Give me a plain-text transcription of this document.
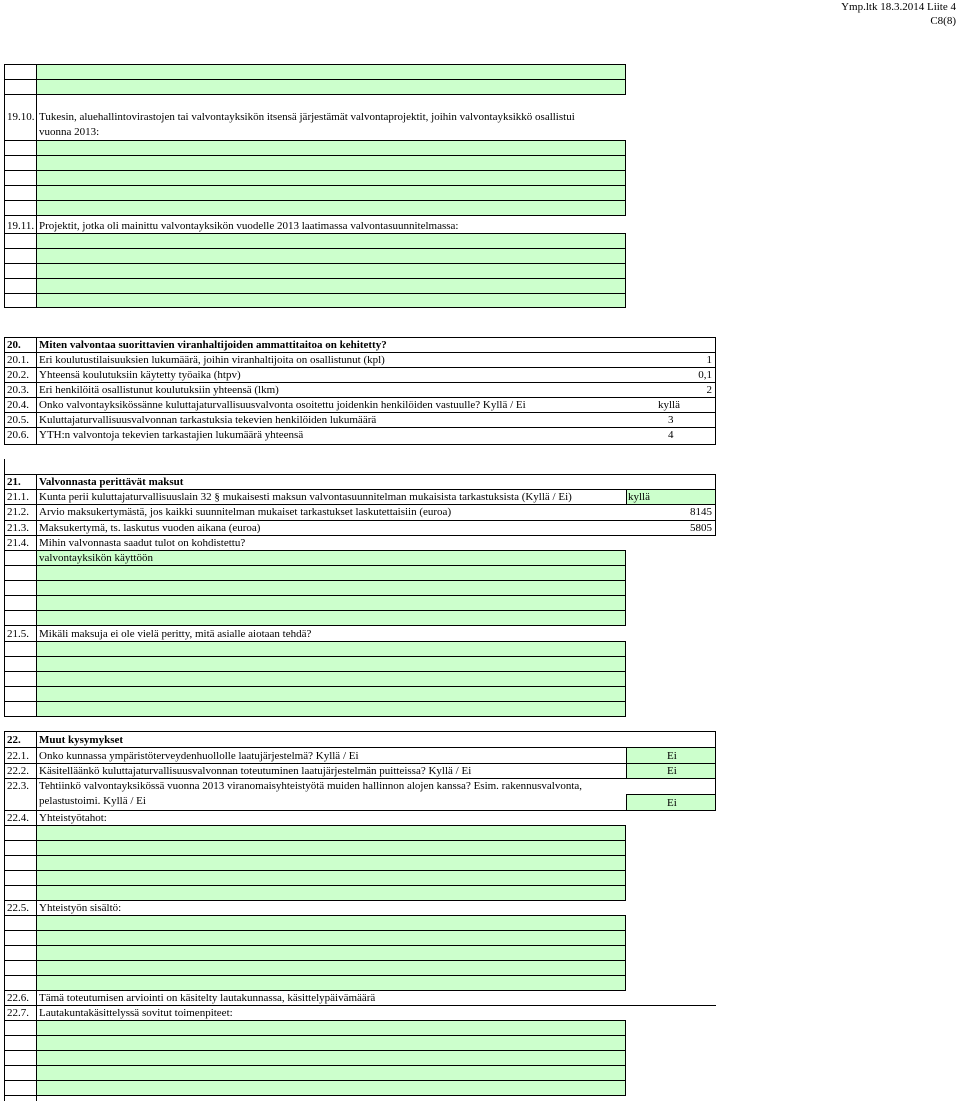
Ymp.ltk 18.3.2014 Liite 4
C8(8)
19.10. Tukesin, aluehallintovirastojen tai valvontayksikön itsensä järjestämät valvontaprojektit, joihin valvontayksikkö osallistui
vuonna 2013:
19.11. Projektit, jotka oli mainittu valvontayksikön vuodelle 2013 laatimassa valvontasuunnitelmassa:
20. Miten valvontaa suorittavien viranhaltijoiden ammattitaitoa on kehitetty?
20.1. Eri koulutustilaisuuksien lukumäärä, joihin viranhaltijoita on osallistunut (kpl)	1
20.2. Yhteensä koulutuksiin käytetty työaika (htpv)	0,1
20.3. Eri henkilöitä osallistunut koulutuksiin yhteensä (lkm)	2
20.4. Onko valvontayksikössänne kuluttajaturvallisuusvalvonta osoitettu joidenkin henkilöiden vastuulle? Kyllä / Ei	kyllä
20.5. Kuluttajaturvallisuusvalvonnan tarkastuksia tekevien henkilöiden lukumäärä	3
20.6. YTH:n valvontoja tekevien tarkastajien lukumäärä yhteensä	4
21. Valvonnasta perittävät maksut
21.1. Kunta perii kuluttajaturvallisuuslain 32 § mukaisesti maksun valvontasuunnitelman mukaisista tarkastuksista (Kyllä / Ei)	kyllä
21.2. Arvio maksukertymästä, jos kaikki suunnitelman mukaiset tarkastukset laskutettaisiin (euroa)	8145
21.3. Maksukertymä, ts. laskutus vuoden aikana (euroa)	5805
21.4. Mihin valvonnasta saadut tulot on kohdistettu?
valvontayksikön käyttöön
21.5. Mikäli maksuja ei ole vielä peritty, mitä asialle aiotaan tehdä?
22. Muut kysymykset
22.1. Onko kunnassa ympäristöterveydenhuollolle laatujärjestelmä? Kyllä / Ei	Ei
22.2. Käsitelläänkö kuluttajaturvallisuusvalvonnan toteutuminen laatujärjestelmän puitteissa? Kyllä / Ei	Ei
22.3. Tehtiinkö valvontayksikössä vuonna 2013 viranomaisyhteistyötä muiden hallinnon alojen kanssa? Esim. rakennusvalvonta,
pelastustoimi. Kyllä / Ei	Ei
22.4. Yhteistyötahot:
22.5. Yhteistyön sisältö:
22.6. Tämä toteutumisen arviointi on käsitelty lautakunnassa, käsittelypäivämäärä
22.7. Lautakuntakäsittelyssä sovitut toimenpiteet:
